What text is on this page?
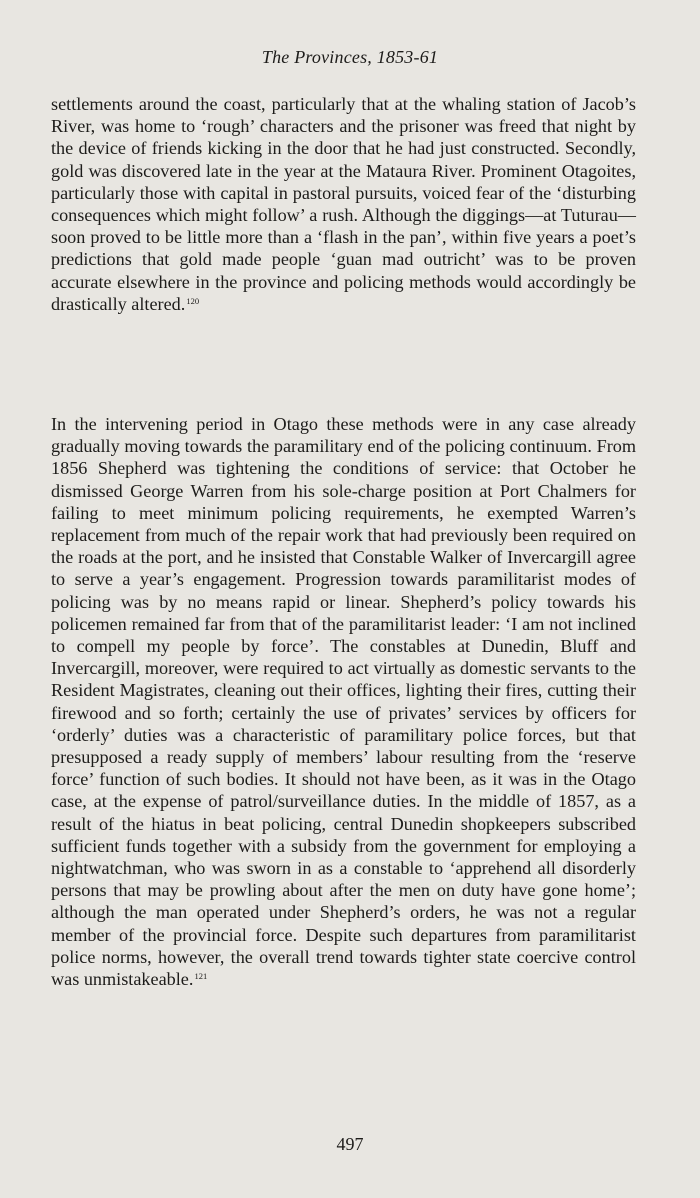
The Provinces, 1853-61

settlements around the coast, particularly that at the whaling station of Jacob’s River, was home to ‘rough’ characters and the prisoner was freed that night by the device of friends kicking in the door that he had just constructed. Secondly, gold was discovered late in the year at the Mataura River. Prominent Otagoites, particularly those with capital in pastoral pursuits, voiced fear of the ‘disturbing consequences which might follow’ a rush. Although the diggings—at Tuturau—soon proved to be little more than a ‘flash in the pan’, within five years a poet’s predictions that gold made people ‘guan mad outricht’ was to be proven accurate elsewhere in the province and policing methods would accordingly be drastically altered.$^{120}$

In the intervening period in Otago these methods were in any case already gradually moving towards the paramilitary end of the policing continuum. From 1856 Shepherd was tightening the conditions of service: that October he dismissed George Warren from his sole-charge position at Port Chalmers for failing to meet minimum policing requirements, he exempted Warren’s replacement from much of the repair work that had previously been required on the roads at the port, and he insisted that Constable Walker of Invercargill agree to serve a year’s engagement. Progression towards paramilitarist modes of policing was by no means rapid or linear. Shepherd’s policy towards his policemen remained far from that of the paramilitarist leader: ‘I am not inclined to compell my people by force’. The constables at Dunedin, Bluff and Invercargill, moreover, were required to act virtually as domestic servants to the Resident Magistrates, cleaning out their offices, lighting their fires, cutting their firewood and so forth; certainly the use of privates’ services by officers for ‘orderly’ duties was a characteristic of paramilitary police forces, but that presupposed a ready supply of members’ labour resulting from the ‘reserve force’ function of such bodies. It should not have been, as it was in the Otago case, at the expense of patrol/surveillance duties. In the middle of 1857, as a result of the hiatus in beat policing, central Dunedin shopkeepers subscribed sufficient funds together with a subsidy from the government for employing a nightwatchman, who was sworn in as a constable to ‘apprehend all disorderly persons that may be prowling about after the men on duty have gone home’; although the man operated under Shepherd’s orders, he was not a regular member of the provincial force. Despite such departures from paramilitarist police norms, however, the overall trend towards tighter state coercive control was unmistakeable.$^{121}$

497
